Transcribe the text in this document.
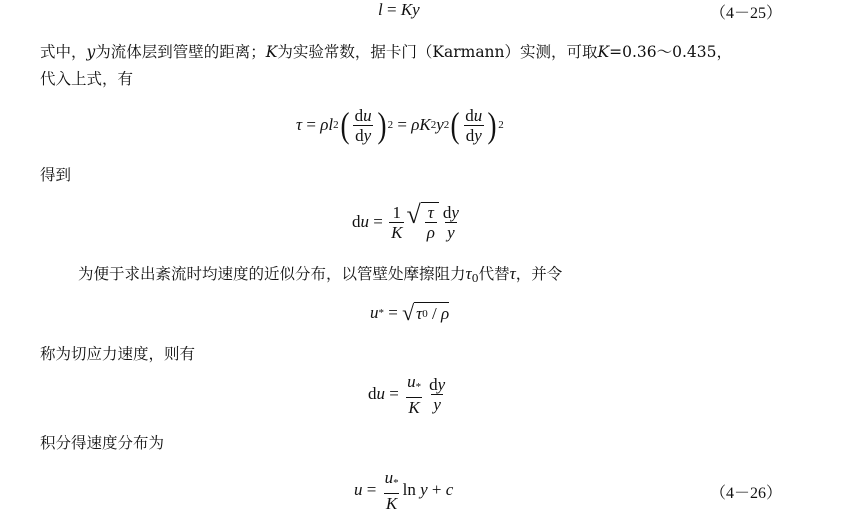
l = Ky	（4－25）
式中，y为流体层到管壁的距离；K为实验常数，据卡门（Karmann）实测，可取K=0.36～0.435，
代入上式，有
τ = ρ l 2 ( $\frac{du}{dy}$ ) 2 = ρ K 2 y 2 ( $\frac{du}{dy}$ ) 2
得到
d $u = \frac{1}{K}$ √ $\frac{\tau}{\rho} \frac{dy}{y}$
为便于求出紊流时均速度的近似分布，以管壁处摩擦阻力$\tau_0$代替τ，并令
u * = √ τ 0
/
ρ
称为切应力速度，则有
d $u = \frac{u_*}{K} \frac{dy}{y}$
积分得速度分布为
$u = \frac{u_*}{K}$ ln
y + c	（4－26）
